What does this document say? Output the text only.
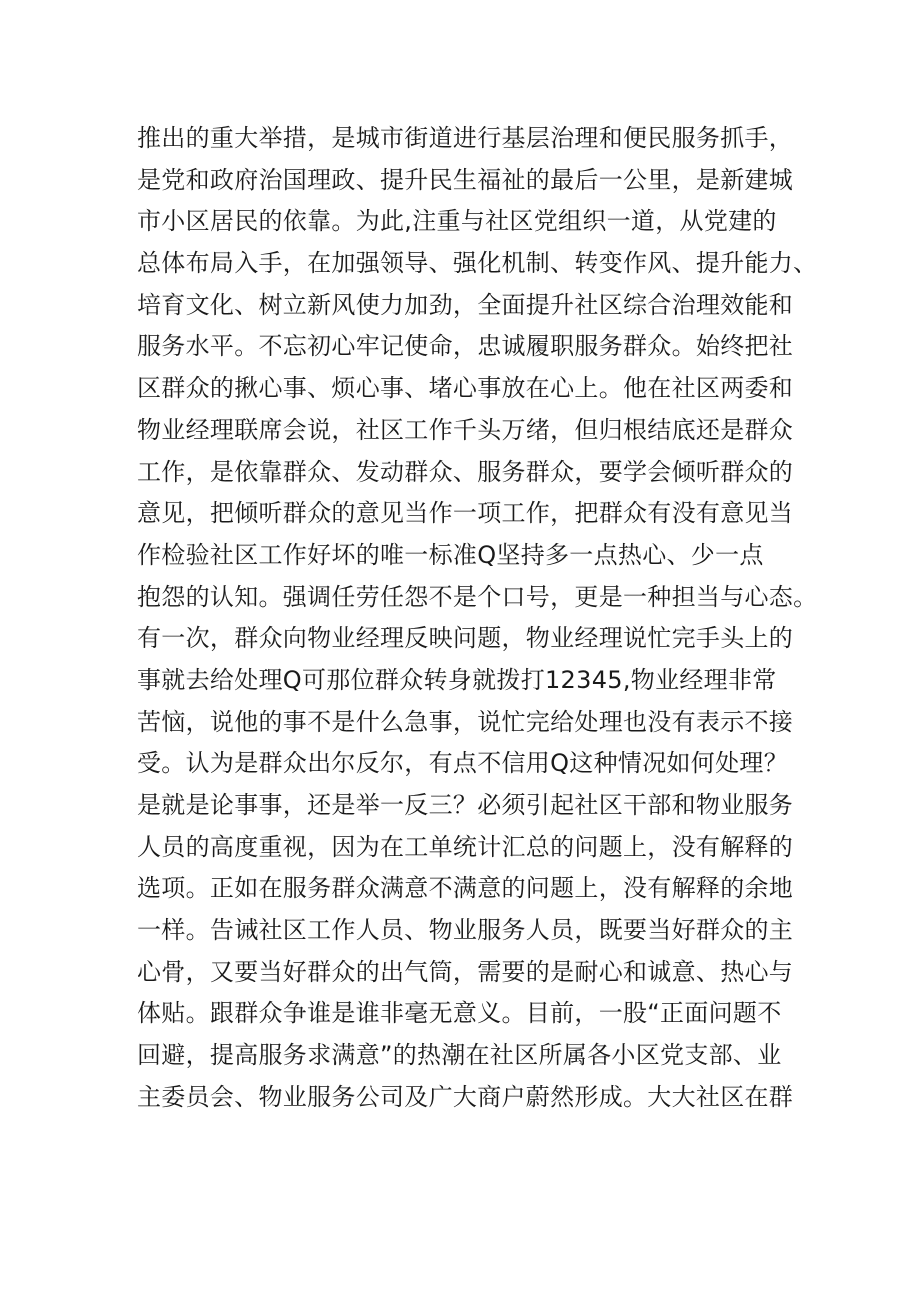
推出的重大举措，是城市街道进行基层治理和便民服务抓手，
是党和政府治国理政、提升民生福祉的最后一公里，是新建城
市小区居民的依靠。为此,注重与社区党组织一道，从党建的
总体布局入手，在加强领导、强化机制、转变作风、提升能力、
培育文化、树立新风使力加劲，全面提升社区综合治理效能和
服务水平。不忘初心牢记使命，忠诚履职服务群众。始终把社
区群众的揪心事、烦心事、堵心事放在心上。他在社区两委和
物业经理联席会说，社区工作千头万绪，但归根结底还是群众
工作，是依靠群众、发动群众、服务群众，要学会倾听群众的
意见，把倾听群众的意见当作一项工作，把群众有没有意见当
作检验社区工作好坏的唯一标准Q坚持多一点热心、少一点
抱怨的认知。强调任劳任怨不是个口号，更是一种担当与心态。
有一次，群众向物业经理反映问题，物业经理说忙完手头上的
事就去给处理Q可那位群众转身就拨打12345,物业经理非常
苦恼，说他的事不是什么急事，说忙完给处理也没有表示不接
受。认为是群众出尔反尔，有点不信用Q这种情况如何处理？
是就是论事事，还是举一反三？必须引起社区干部和物业服务
人员的高度重视，因为在工单统计汇总的问题上，没有解释的
选项。正如在服务群众满意不满意的问题上，没有解释的余地
一样。告诫社区工作人员、物业服务人员，既要当好群众的主
心骨，又要当好群众的出气筒，需要的是耐心和诚意、热心与
体贴。跟群众争谁是谁非毫无意义。目前，一股“正面问题不
回避，提高服务求满意”的热潮在社区所属各小区党支部、业
主委员会、物业服务公司及广大商户蔚然形成。大大社区在群
